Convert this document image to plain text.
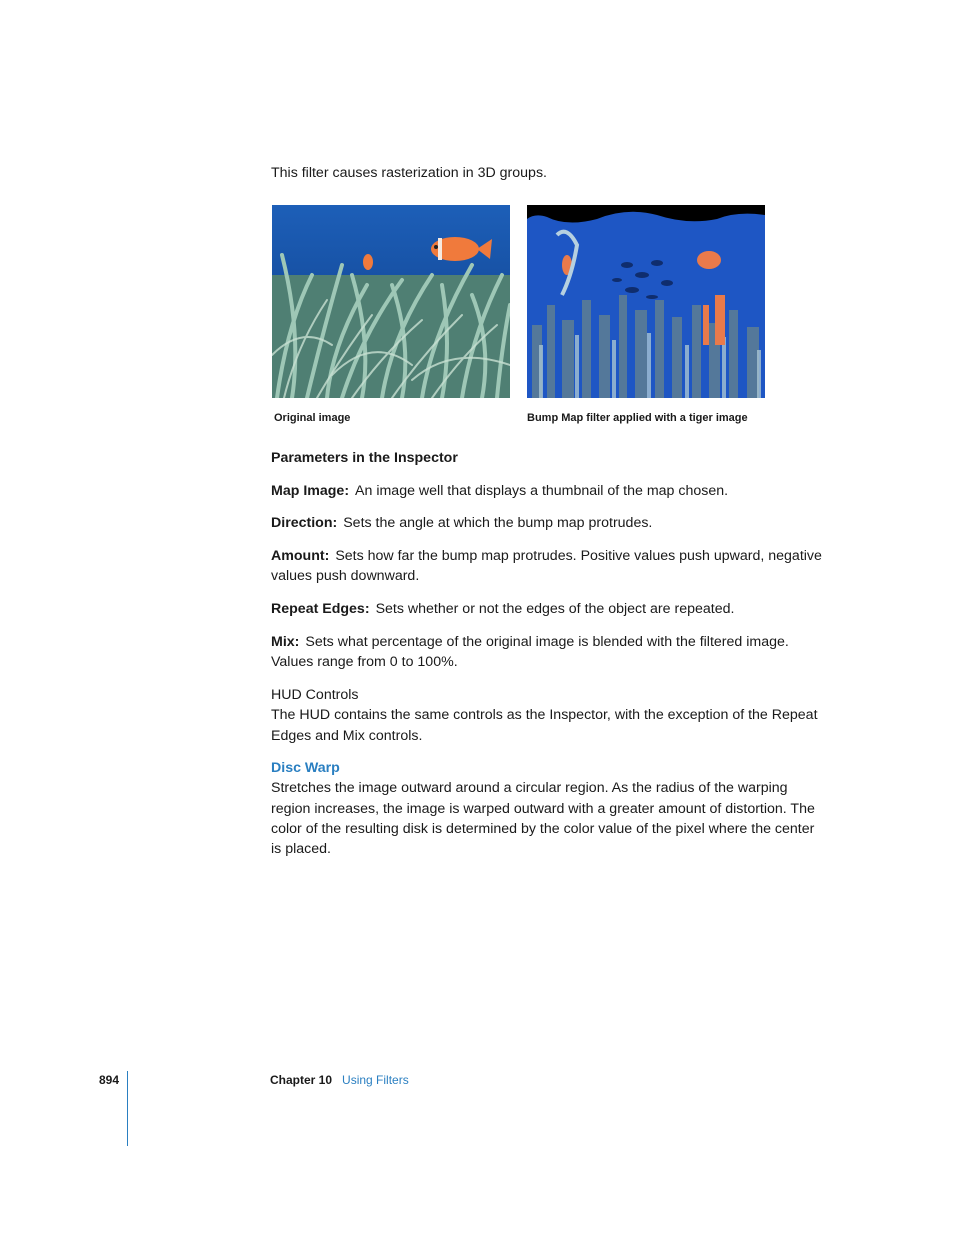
This filter causes rasterization in 3D groups.

Original image	Bump Map filter applied with a tiger image

Parameters in the Inspector

Map Image: An image well that displays a thumbnail of the map chosen.

Direction: Sets the angle at which the bump map protrudes.

Amount: Sets how far the bump map protrudes. Positive values push upward, negative values push downward.

Repeat Edges: Sets whether or not the edges of the object are repeated.

Mix: Sets what percentage of the original image is blended with the filtered image. Values range from 0 to 100%.

HUD Controls
The HUD contains the same controls as the Inspector, with the exception of the Repeat Edges and Mix controls.

Disc Warp
Stretches the image outward around a circular region. As the radius of the warping region increases, the image is warped outward with a greater amount of distortion. The color of the resulting disk is determined by the color value of the pixel where the center is placed.

894	Chapter 10 Using Filters
